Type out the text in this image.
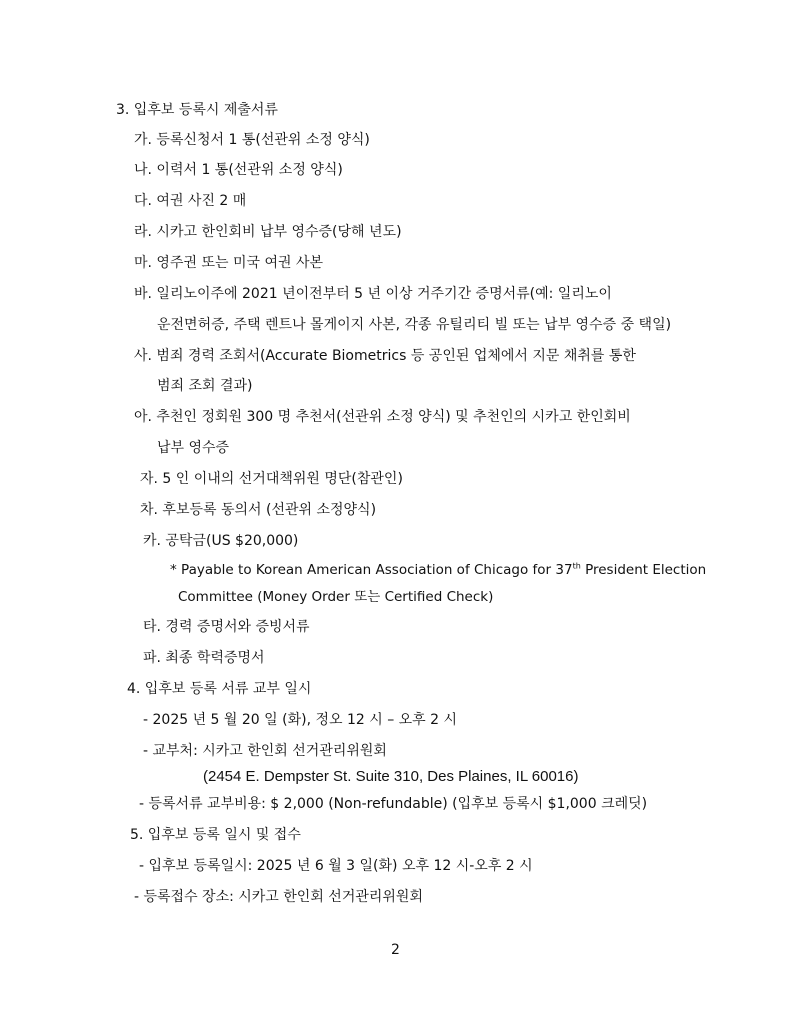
3. 입후보 등록시 제출서류
가. 등록신청서 1 통(선관위 소정 양식)
나. 이력서 1 통(선관위 소정 양식)
다. 여권 사진 2 매
라. 시카고 한인회비 납부 영수증(당해 년도)
마. 영주권 또는 미국 여권 사본
바. 일리노이주에 2021 년이전부터 5 년 이상 거주기간 증명서류(예: 일리노이
운전면허증, 주택 렌트나 몰게이지 사본, 각종 유틸리티 빌 또는 납부 영수증 중 택일)
사. 범죄 경력 조회서(Accurate Biometrics 등 공인된 업체에서 지문 채취를 통한
범죄 조회 결과)
아. 추천인 정회원 300 명 추천서(선관위 소정 양식) 및 추천인의 시카고 한인회비
납부 영수증
자. 5 인 이내의 선거대책위원 명단(참관인)
차. 후보등록 동의서 (선관위 소정양식)
카. 공탁금(US $20,000)
* Payable to Korean American Association of Chicago for 37th President Election
Committee (Money Order 또는 Certified Check)
타. 경력 증명서와 증빙서류
파. 최종 학력증명서
4. 입후보 등록 서류 교부 일시
- 2025 년 5 월 20 일 (화), 정오 12 시 – 오후 2 시
- 교부처: 시카고 한인회 선거관리위원회
(2454 E. Dempster St. Suite 310, Des Plaines, IL 60016)
- 등록서류 교부비용: $ 2,000 (Non-refundable) (입후보 등록시 $1,000 크레딧)
5. 입후보 등록 일시 및 접수
- 입후보 등록일시: 2025 년 6 월 3 일(화) 오후 12 시-오후 2 시
- 등록접수 장소: 시카고 한인회 선거관리위원회
2
